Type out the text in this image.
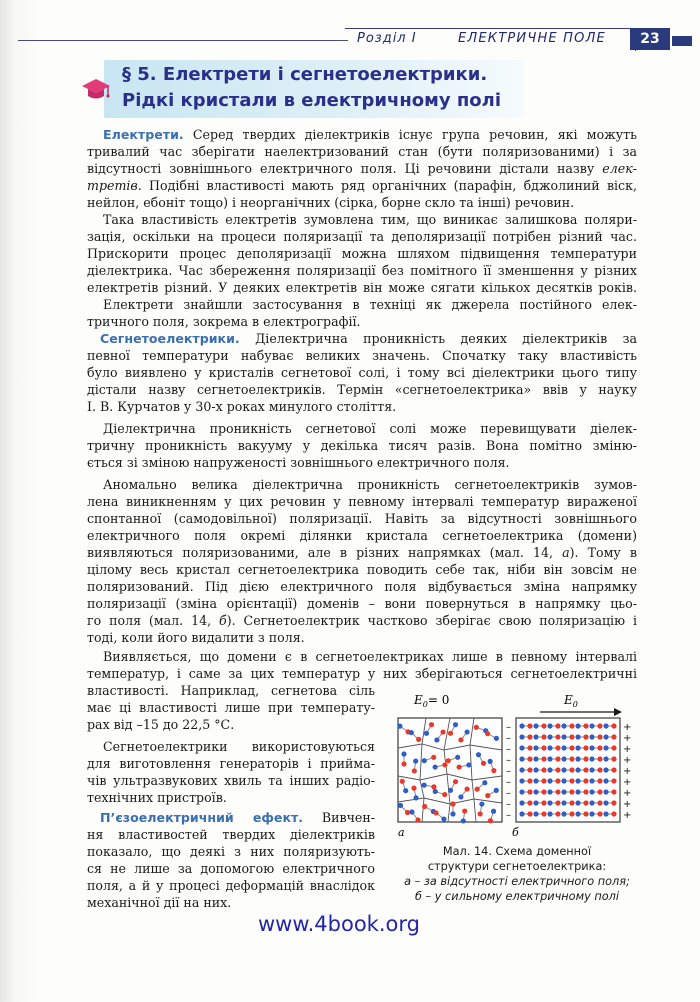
Розділ І	ЕЛЕКТРИЧНЕ ПОЛЕ	23
§ 5. Електрети і сегнетоелектрики.
Рідкі кристали в електричному полі
Електрети. Серед твердих діелектриків існує група речовин, які можуть
тривалий час зберігати наелектризований стан (бути поляризованими) і за
відсутності зовнішнього електричного поля. Ці речовини дістали назву елек-
третів. Подібні властивості мають ряд органічних (парафін, бджолиний віск,
нейлон, ебоніт тощо) і неорганічних (сірка, борне скло та інші) речовин.
Така властивість електретів зумовлена тим, що виникає залишкова поляри-
зація, оскільки на процеси поляризації та деполяризації потрібен різний час.
Прискорити процес деполяризації можна шляхом підвищення температури
діелектрика. Час збереження поляризації без помітного її зменшення у різних
електретів різний. У деяких електретів він може сягати кількох десятків років.
Електрети знайшли застосування в техніці як джерела постійного елек-
тричного поля, зокрема в електрографії.
Сегнетоелектрики. Діелектрична проникність деяких діелектриків за
певної температури набуває великих значень. Спочатку таку властивість
було виявлено у кристалів сегнетової солі, і тому всі діелектрики цього типу
дістали назву сегнетоелектриків. Термін «сегнетоелектрика» ввів у науку
І. В. Курчатов у 30-х роках минулого століття.
Діелектрична проникність сегнетової солі може перевищувати діелек-
тричну проникність вакууму у декілька тисяч разів. Вона помітно зміню-
ється зі зміною напруженості зовнішнього електричного поля.
Аномально велика діелектрична проникність сегнетоелектриків зумов-
лена виникненням у цих речовин у певному інтервалі температур вираженої
спонтанної (самодовільної) поляризації. Навіть за відсутності зовнішнього
електричного поля окремі ділянки кристала сегнетоелектрика (домени)
виявляються поляризованими, але в різних напрямках (мал. 14, а). Тому в
цілому весь кристал сегнетоелектрика поводить себе так, ніби він зовсім не
поляризований. Під дією електричного поля відбувається зміна напрямку
поляризації (зміна орієнтації) доменів – вони повернуться в напрямку цьо-
го поля (мал. 14, б). Сегнетоелектрик частково зберігає свою поляризацію і
тоді, коли його видалити з поля.
Виявляється, що домени є в сегнетоелектриках лише в певному інтервалі
температур, і саме за цих температур у них зберігаються сегнетоелектричні
властивості. Наприклад, сегнетова сіль
має ці властивості лише при температу-
рах від –15 до 22,5 °С.
Сегнетоелектрики використовуються
для виготовлення генераторів і прийма-
чів ультразвукових хвиль та інших радіо-
технічних пристроїв.
П’єзоелектричний ефект. Вивчен-
ня властивостей твердих діелектриків
показало, що деякі з них поляризують-
ся не лише за допомогою електричного
поля, а й у процесі деформацій внаслідок
механічної дії на них.
$E_0= 0$	$E_0$
–	+
–	+
–	+
–	+
–	+
–	+
–	+
–	+
–	+
а	б
Мал. 14. Схема доменної
структури сегнетоелектрика:
а – за відсутності електричного поля;
б – у сильному електричному полі
www.4book.org
